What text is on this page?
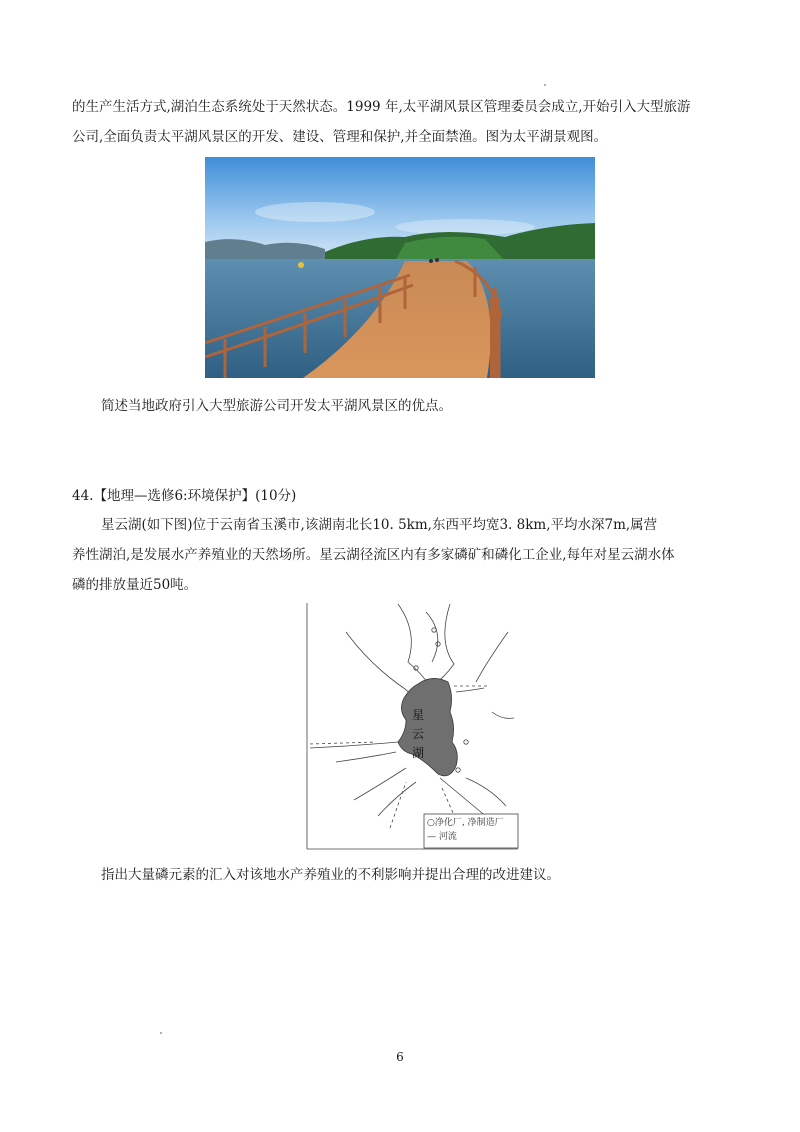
的生产生活方式,湖泊生态系统处于天然状态。1999 年,太平湖风景区管理委员会成立,开始引入大型旅游
公司,全面负责太平湖风景区的开发、建设、管理和保护,并全面禁渔。图为太平湖景观图。
简述当地政府引入大型旅游公司开发太平湖风景区的优点。
44.【地理—选修6:环境保护】(10分)
星云湖(如下图)位于云南省玉溪市,该湖南北长10. 5km,东西平均宽3. 8km,平均水深7m,属营
养性湖泊,是发展水产养殖业的天然场所。星云湖径流区内有多家磷矿和磷化工企业,每年对星云湖水体
磷的排放量近50吨。
星
云
湖
○净化厂, 净制造厂
— 河流
指出大量磷元素的汇入对该地水产养殖业的不利影响并提出合理的改进建议。
6
